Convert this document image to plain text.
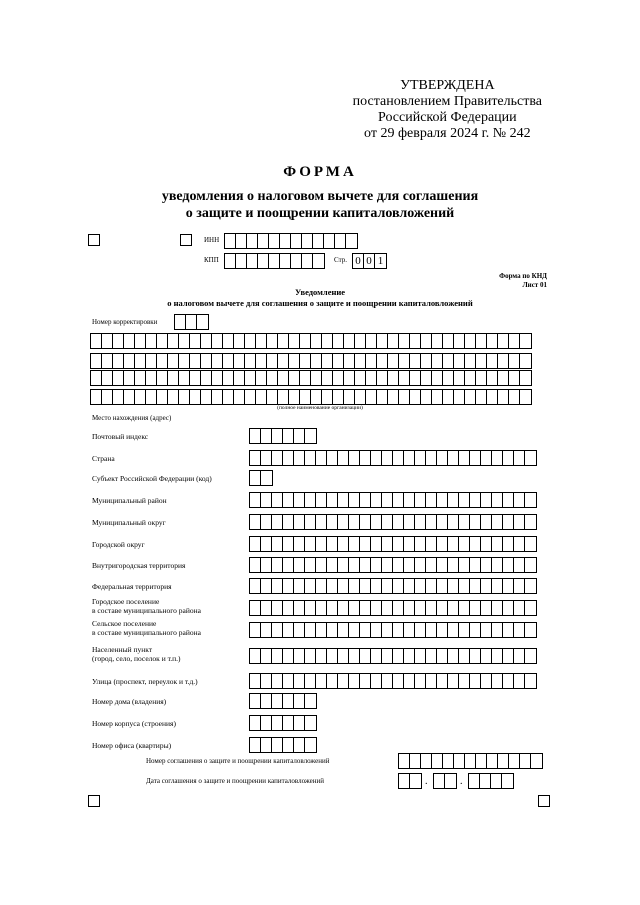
УТВЕРЖДЕНА
постановлением Правительства
Российской Федерации
от 29 февраля 2024 г. № 242
ФОРМА
уведомления о налоговом вычете для соглашения
о защите и поощрении капиталовложений
ИНН
КПП	Стр. 0 0 1
Форма по КНД
Лист 01
Уведомление
о налоговом вычете для соглашения о защите и поощрении капиталовложений
Номер корректировки
(полное наименование организации)
Место нахождения (адрес)
Почтовый индекс
Страна
Субъект Российской Федерации (код)
Муниципальный район
Муниципальный округ
Городской округ
Внутригородская территория
Федеральная территория
Городское поселение
в составе муниципального района
Сельское поселение
в составе муниципального района
Населенный пункт
(город, село, поселок и т.п.)
Улица (проспект, переулок и т.д.)
Номер дома (владения)
Номер корпуса (строения)
Номер офиса (квартиры)
Номер соглашения о защите и поощрении капиталовложений
Дата соглашения о защите и поощрении капиталовложений	.	.
